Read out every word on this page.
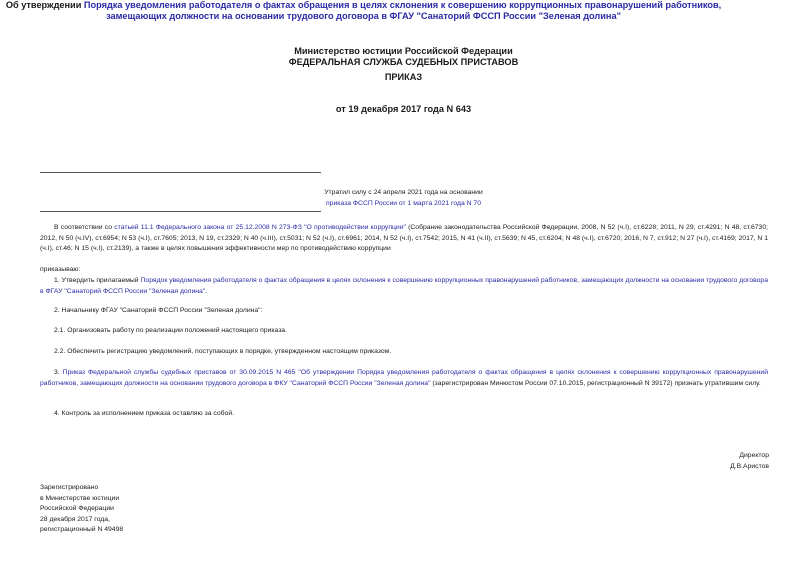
Министерство юстиции Российской Федерации
ФЕДЕРАЛЬНАЯ СЛУЖБА СУДЕБНЫХ ПРИСТАВОВ
ПРИКАЗ
от 19 декабря 2017 года N 643
Об утверждении Порядка уведомления работодателя о фактах обращения в целях склонения к совершению коррупционных правонарушений работников, замещающих должности на основании трудового договора в ФГАУ "Санаторий ФССП России "Зеленая долина"
Утратил силу с 24 апреля 2021 года на основании
приказа ФССП России от 1 марта 2021 года N 70
В соответствии со статьей 11.1 Федерального закона от 25.12.2008 N 273-ФЗ "О противодействии коррупции" (Собрание законодательства Российской Федерации, 2008, N 52 (ч.I), ст.6228; 2011, N 29, ст.4291; N 48, ст.6730; 2012, N 50 (ч.IV), ст.6954; N 53 (ч.I), ст.7605; 2013, N 19, ст.2329; N 40 (ч.III), ст.5031; N 52 (ч.I), ст.6961; 2014, N 52 (ч.I), ст.7542; 2015, N 41 (ч.II), ст.5639; N 45, ст.6204; N 48 (ч.I), ст.6720; 2016, N 7, ст.912; N 27 (ч.I), ст.4169; 2017, N 1 (ч.I), ст.46; N 15 (ч.I), ст.2139), а также в целях повышения эффективности мер по противодействию коррупции
приказываю:
1. Утвердить прилагаемый Порядок уведомления работодателя о фактах обращения в целях склонения к совершению коррупционных правонарушений работников, замещающих должности на основании трудового договора в ФГАУ "Санаторий ФССП России "Зеленая долина".
2. Начальнику ФГАУ "Санаторий ФССП России "Зеленая долина":
2.1. Организовать работу по реализации положений настоящего приказа.
2.2. Обеспечить регистрацию уведомлений, поступающих в порядке, утвержденном настоящим приказом.
3. Приказ Федеральной службы судебных приставов от 30.09.2015 N 465 "Об утверждении Порядка уведомления работодателя о фактах обращения в целях склонения к совершению коррупционных правонарушений работников, замещающих должности на основании трудового договора в ФКУ "Санаторий ФССП России "Зеленая долина" (зарегистрирован Минюстом России 07.10.2015, регистрационный N 39172) признать утратившим силу.
4. Контроль за исполнением приказа оставляю за собой.
Директор
Д.В.Аристов
Зарегистрировано
в Министерстве юстиции
Российской Федерации
28 декабря 2017 года,
регистрационный N 49498
